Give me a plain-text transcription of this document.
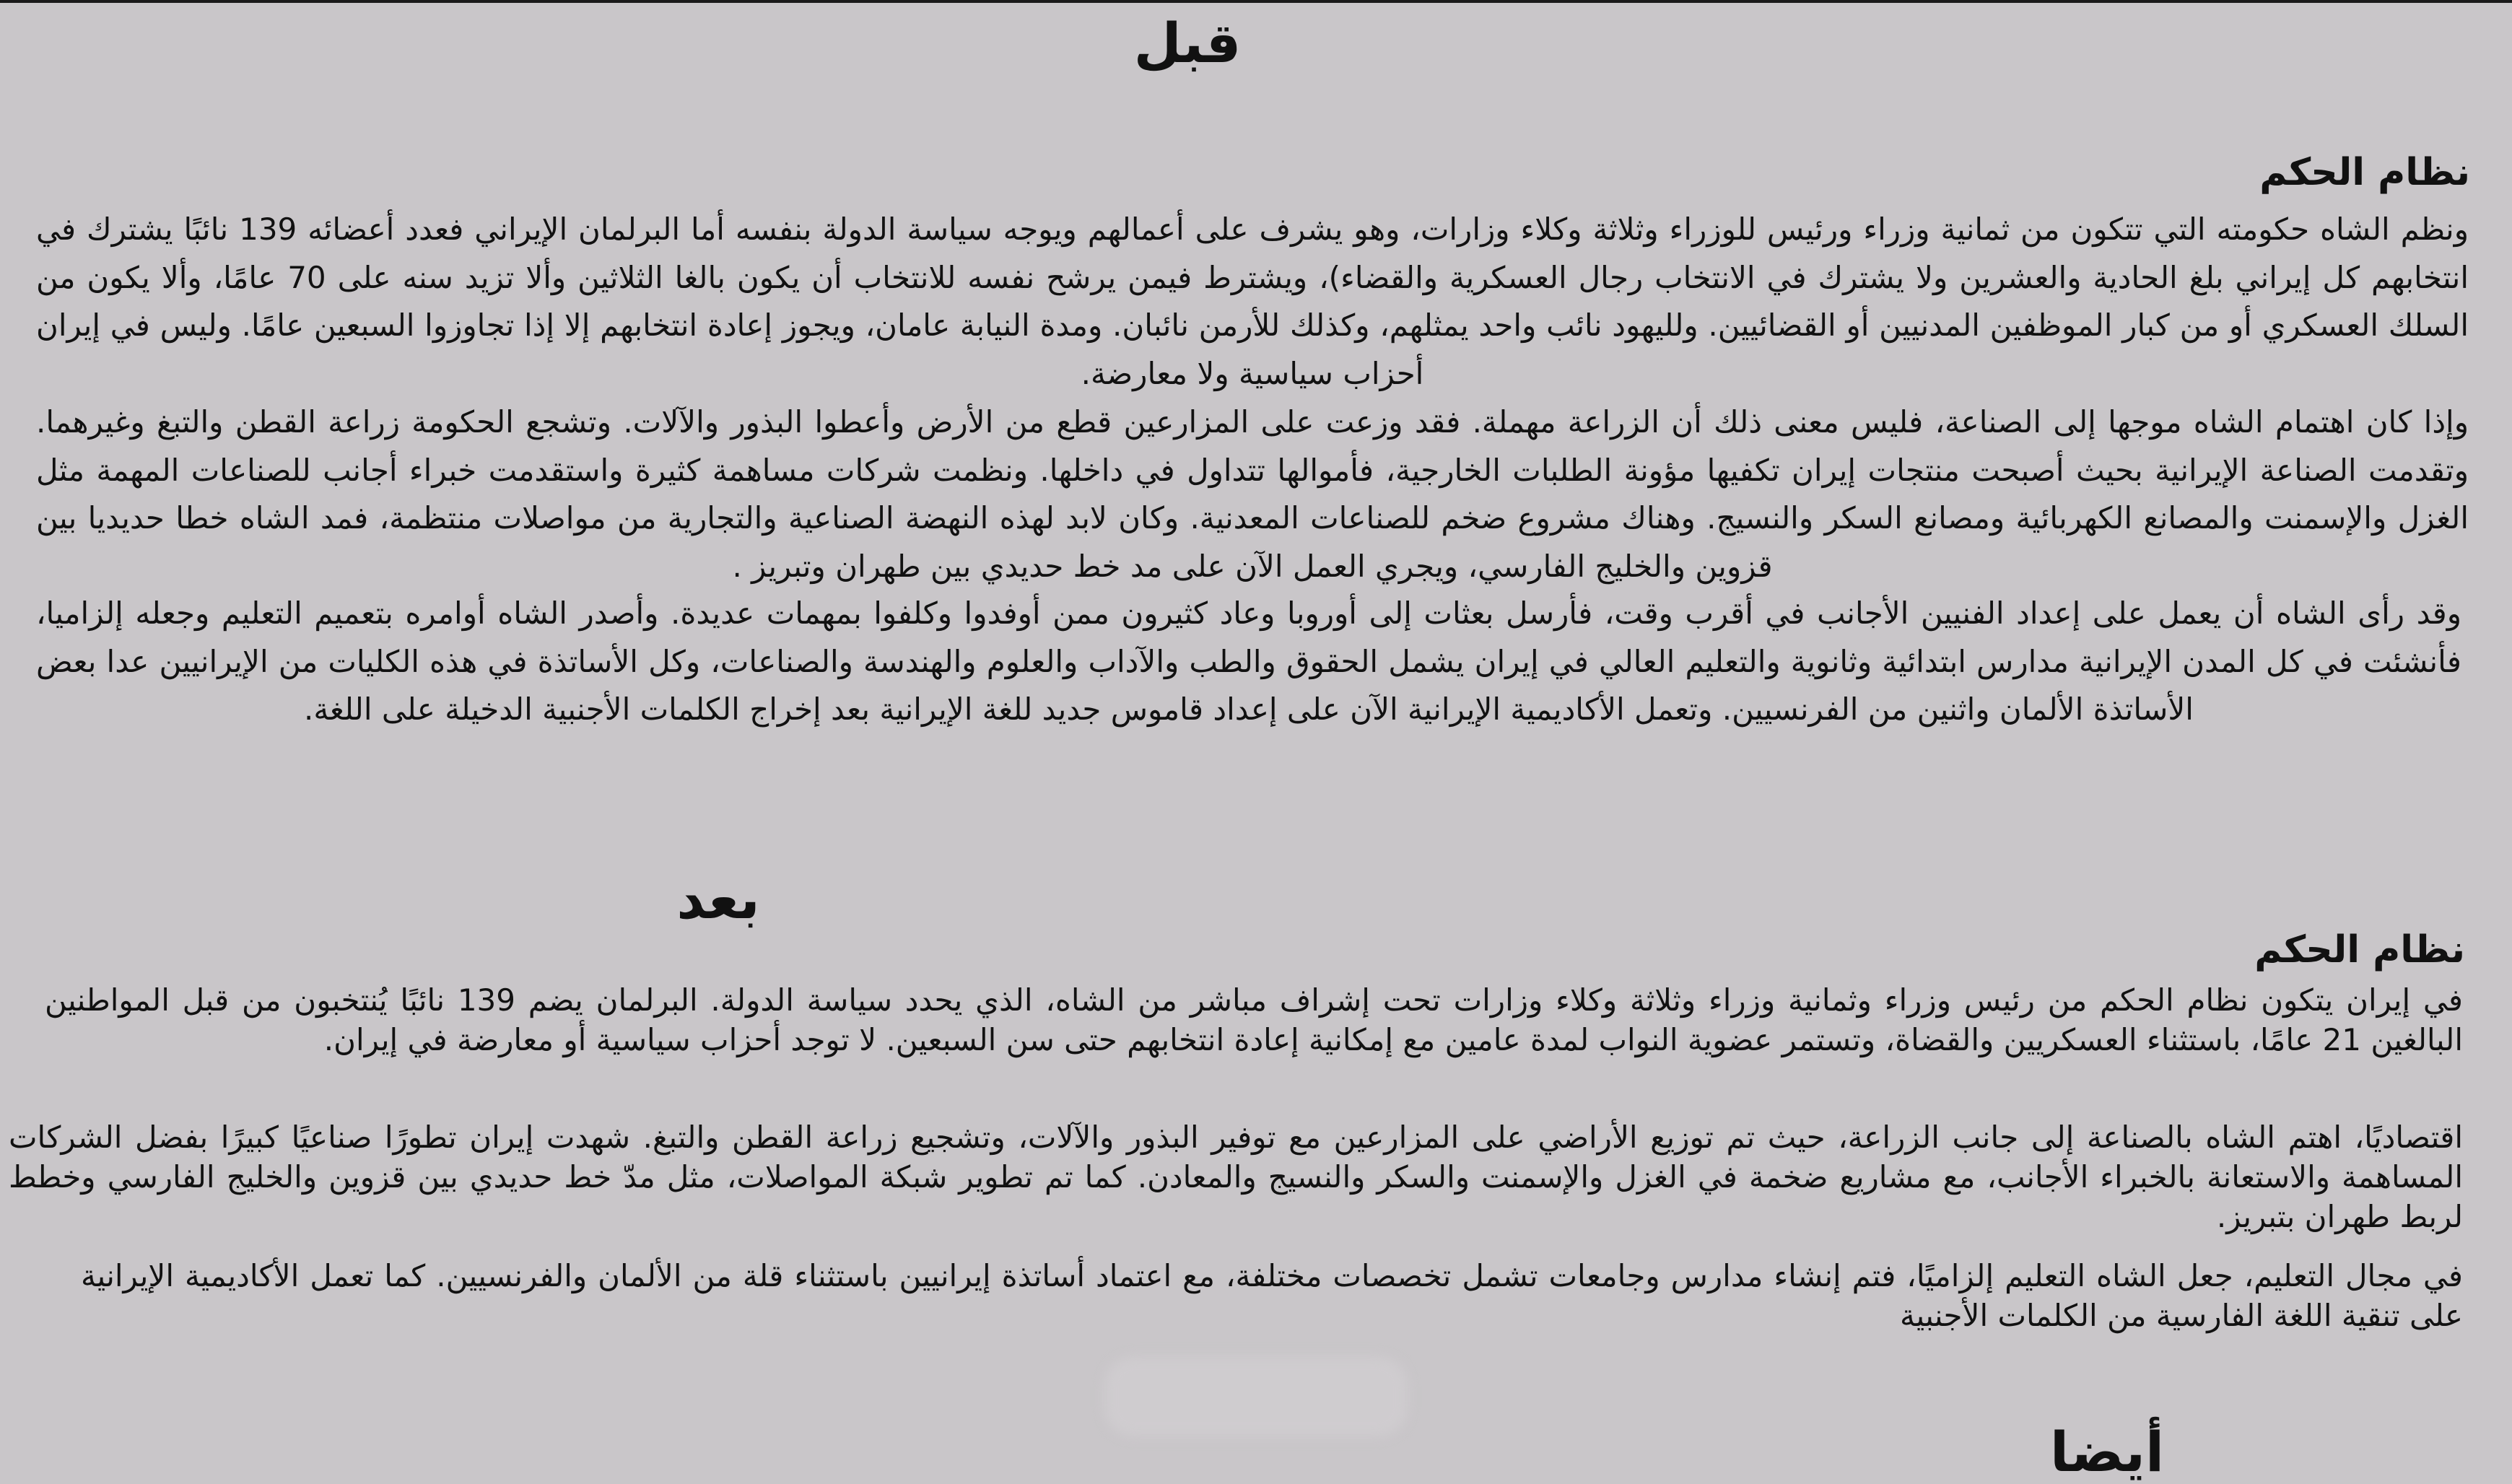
قبل
نظام الحكم

ونظم الشاه حكومته التي تتكون من ثمانية وزراء ورئيس للوزراء وثلاثة وكلاء وزارات، وهو يشرف على أعمالهم ويوجه سياسة الدولة بنفسه أما البرلمان الإيراني فعدد أعضائه 139 نائبًا يشترك في انتخابهم كل إيراني بلغ الحادية والعشرين ولا يشترك في الانتخاب رجال العسكرية والقضاء)، ويشترط فيمن يرشح نفسه للانتخاب أن يكون بالغا الثلاثين وألا تزيد سنه على 70 عامًا، وألا يكون من السلك العسكري أو من كبار الموظفين المدنيين أو القضائيين. ولليهود نائب واحد يمثلهم، وكذلك للأرمن نائبان. ومدة النيابة عامان، ويجوز إعادة انتخابهم إلا إذا تجاوزوا السبعين عامًا. وليس في إيران أحزاب سياسية ولا معارضة.

وإذا كان اهتمام الشاه موجها إلى الصناعة، فليس معنى ذلك أن الزراعة مهملة. فقد وزعت على المزارعين قطع من الأرض وأعطوا البذور والآلات. وتشجع الحكومة زراعة القطن والتبغ وغيرهما. وتقدمت الصناعة الإيرانية بحيث أصبحت منتجات إيران تكفيها مؤونة الطلبات الخارجية، فأموالها تتداول في داخلها. ونظمت شركات مساهمة كثيرة واستقدمت خبراء أجانب للصناعات المهمة مثل الغزل والإسمنت والمصانع الكهربائية ومصانع السكر والنسيج. وهناك مشروع ضخم للصناعات المعدنية. وكان لابد لهذه النهضة الصناعية والتجارية من مواصلات منتظمة، فمد الشاه خطا حديديا بين قزوين والخليج الفارسي، ويجري العمل الآن على مد خط حديدي بين طهران وتبريز .

وقد رأى الشاه أن يعمل على إعداد الفنيين الأجانب في أقرب وقت، فأرسل بعثات إلى أوروبا وعاد كثيرون ممن أوفدوا وكلفوا بمهمات عديدة. وأصدر الشاه أوامره بتعميم التعليم وجعله إلزاميا، فأنشئت في كل المدن الإيرانية مدارس ابتدائية وثانوية والتعليم العالي في إيران يشمل الحقوق والطب والآداب والعلوم والهندسة والصناعات، وكل الأساتذة في هذه الكليات من الإيرانيين عدا بعض الأساتذة الألمان واثنين من الفرنسيين. وتعمل الأكاديمية الإيرانية الآن على إعداد قاموس جديد للغة الإيرانية بعد إخراج الكلمات الأجنبية الدخيلة على اللغة.

بعد
نظام الحكم

في إيران يتكون نظام الحكم من رئيس وزراء وثمانية وزراء وثلاثة وكلاء وزارات تحت إشراف مباشر من الشاه، الذي يحدد سياسة الدولة. البرلمان يضم 139 نائبًا يُنتخبون من قبل المواطنين البالغين 21 عامًا، باستثناء العسكريين والقضاة، وتستمر عضوية النواب لمدة عامين مع إمكانية إعادة انتخابهم حتى سن السبعين. لا توجد أحزاب سياسية أو معارضة في إيران.

اقتصاديًا، اهتم الشاه بالصناعة إلى جانب الزراعة، حيث تم توزيع الأراضي على المزارعين مع توفير البذور والآلات، وتشجيع زراعة القطن والتبغ. شهدت إيران تطورًا صناعيًا كبيرًا بفضل الشركات المساهمة والاستعانة بالخبراء الأجانب، مع مشاريع ضخمة في الغزل والإسمنت والسكر والنسيج والمعادن. كما تم تطوير شبكة المواصلات، مثل مدّ خط حديدي بين قزوين والخليج الفارسي وخطط لربط طهران بتبريز.

في مجال التعليم، جعل الشاه التعليم إلزاميًا، فتم إنشاء مدارس وجامعات تشمل تخصصات مختلفة، مع اعتماد أساتذة إيرانيين باستثناء قلة من الألمان والفرنسيين. كما تعمل الأكاديمية الإيرانية على تنقية اللغة الفارسية من الكلمات الأجنبية

أيضا
